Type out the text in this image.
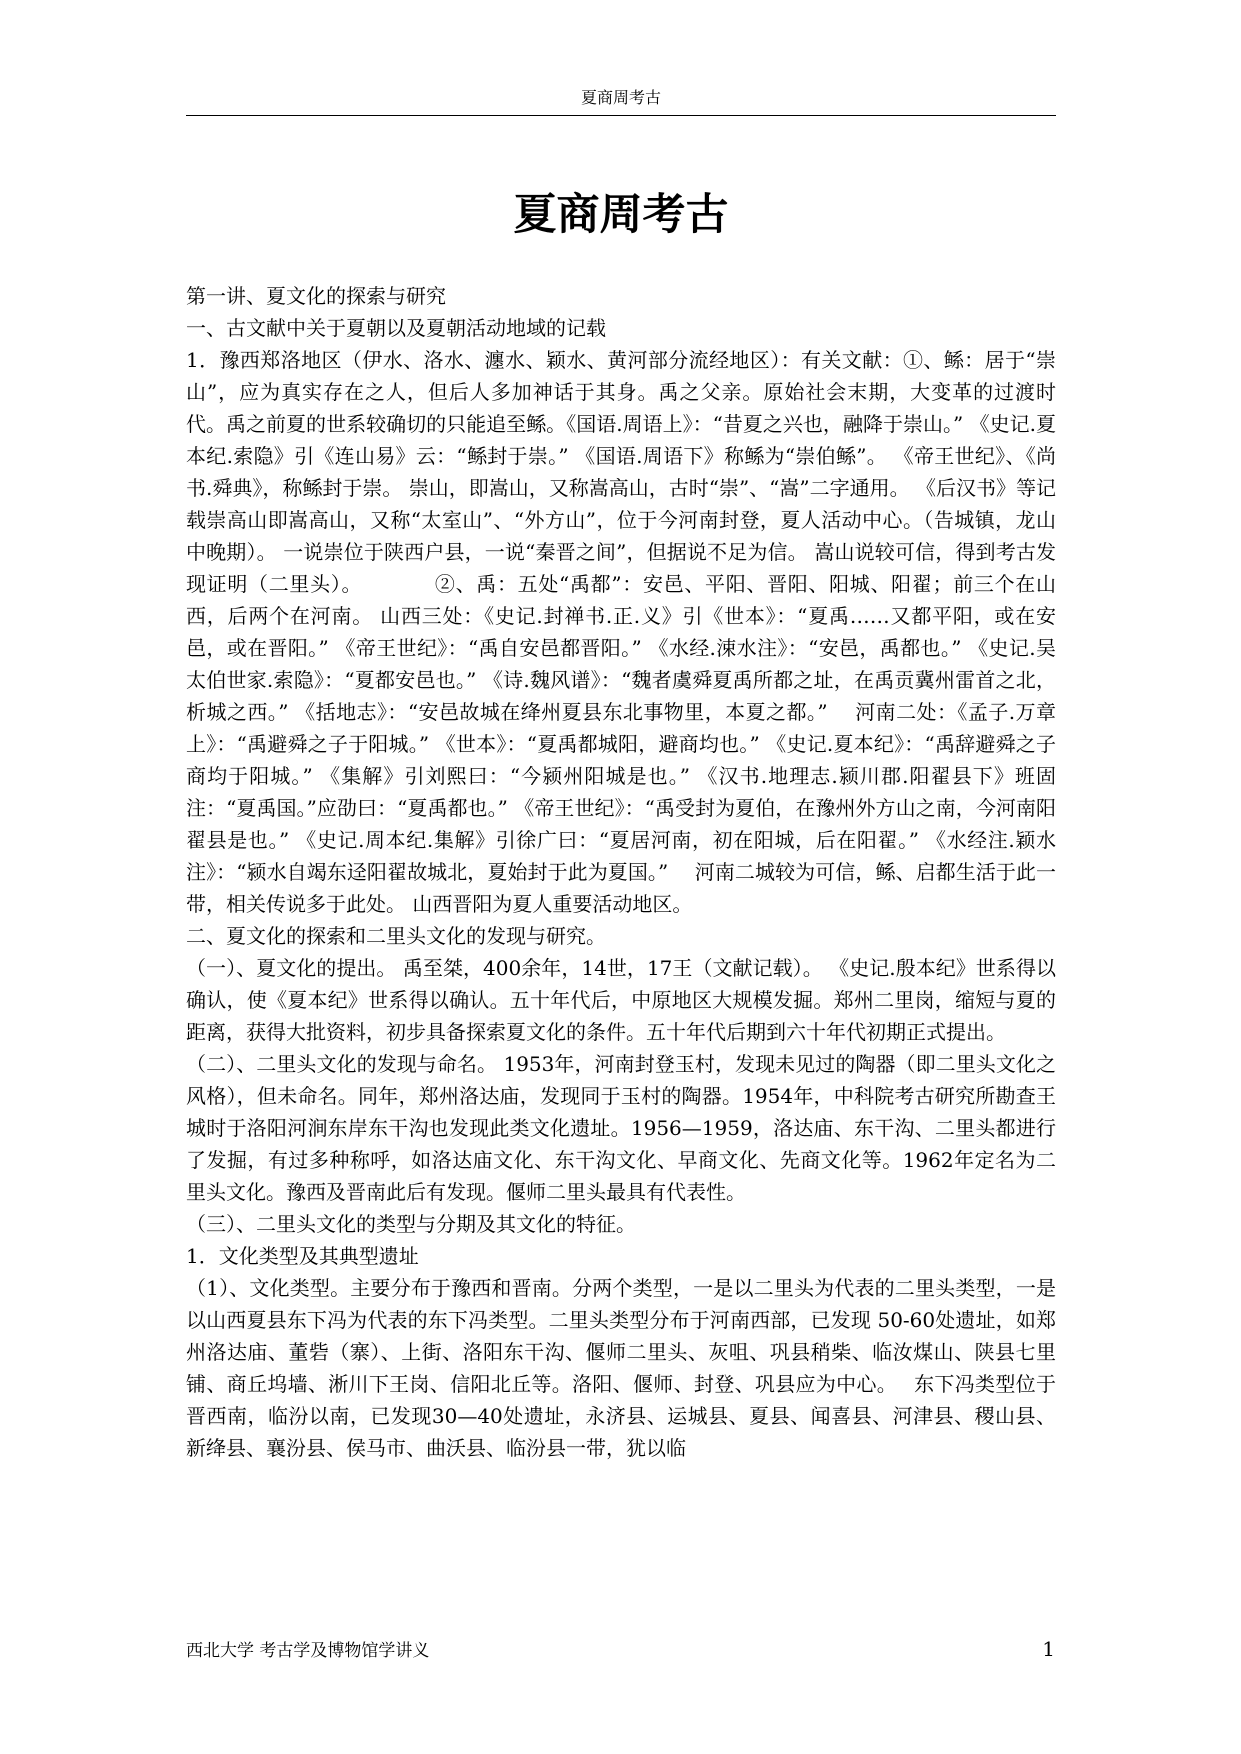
夏商周考古
夏商周考古

第一讲、夏文化的探索与研究

一、古文献中关于夏朝以及夏朝活动地域的记载

1．豫西郑洛地区（伊水、洛水、瀍水、颖水、黄河部分流经地区）：有关文献：①、鲧：居于“崇山”，应为真实存在之人，但后人多加神话于其身。禹之父亲。原始社会末期，大变革的过渡时代。禹之前夏的世系较确切的只能追至鲧。《国语.周语上》：“昔夏之兴也，融降于崇山。” 《史记.夏本纪.索隐》引《连山易》云：“鲧封于崇。” 《国语.周语下》称鲧为“崇伯鲧”。 《帝王世纪》、《尚书.舜典》，称鲧封于崇。 崇山，即嵩山，又称嵩高山，古时“崇”、“嵩”二字通用。 《后汉书》等记载崇高山即嵩高山，又称“太室山”、“外方山”，位于今河南封登，夏人活动中心。（告城镇，龙山中晚期）。 一说崇位于陕西户县，一说“秦晋之间”，但据说不足为信。 嵩山说较可信，得到考古发现证明（二里头）。　　　　②、禹：五处“禹都”：安邑、平阳、晋阳、阳城、阳翟；前三个在山西，后两个在河南。 山西三处：《史记.封禅书.正.义》引《世本》：“夏禹……又都平阳，或在安邑，或在晋阳。” 《帝王世纪》：“禹自安邑都晋阳。” 《水经.涑水注》：“安邑，禹都也。” 《史记.吴太伯世家.索隐》：“夏都安邑也。” 《诗.魏风谱》：“魏者虞舜夏禹所都之址，在禹贡冀州雷首之北，析城之西。” 《括地志》：“安邑故城在绛州夏县东北事物里，本夏之都。”　 河南二处：《孟子.万章上》：“禹避舜之子于阳城。” 《世本》：“夏禹都城阳，避商均也。” 《史记.夏本纪》：“禹辞避舜之子商均于阳城。” 《集解》引刘熙曰：“今颍州阳城是也。” 《汉书.地理志.颍川郡.阳翟县下》班固注：“夏禹国。”应劭曰：“夏禹都也。” 《帝王世纪》：“禹受封为夏伯，在豫州外方山之南，今河南阳翟县是也。” 《史记.周本纪.集解》引徐广曰：“夏居河南，初在阳城，后在阳翟。” 《水经注.颖水注》：“颍水自竭东迳阳翟故城北，夏始封于此为夏国。”　 河南二城较为可信，鲧、启都生活于此一带，相关传说多于此处。 山西晋阳为夏人重要活动地区。

二、夏文化的探索和二里头文化的发现与研究。

（一）、夏文化的提出。 禹至桀，400余年，14世，17王（文献记载）。 《史记.殷本纪》世系得以确认，使《夏本纪》世系得以确认。五十年代后，中原地区大规模发掘。郑州二里岗，缩短与夏的距离，获得大批资料，初步具备探索夏文化的条件。五十年代后期到六十年代初期正式提出。

（二）、二里头文化的发现与命名。 1953年，河南封登玉村，发现未见过的陶器（即二里头文化之风格），但未命名。同年，郑州洛达庙，发现同于玉村的陶器。1954年，中科院考古研究所勘查王城时于洛阳河涧东岸东干沟也发现此类文化遗址。1956—1959，洛达庙、东干沟、二里头都进行了发掘，有过多种称呼，如洛达庙文化、东干沟文化、早商文化、先商文化等。1962年定名为二里头文化。豫西及晋南此后有发现。偃师二里头最具有代表性。

（三）、二里头文化的类型与分期及其文化的特征。

1．文化类型及其典型遗址

（1）、文化类型。主要分布于豫西和晋南。分两个类型，一是以二里头为代表的二里头类型，一是以山西夏县东下冯为代表的东下冯类型。二里头类型分布于河南西部，已发现 50-60处遗址，如郑州洛达庙、董砦（寨）、上街、洛阳东干沟、偃师二里头、灰咀、巩县稍柴、临汝煤山、陕县七里铺、商丘坞墙、淅川下王岗、信阳北丘等。洛阳、偃师、封登、巩县应为中心。　 东下冯类型位于晋西南，临汾以南，已发现30—40处遗址，永济县、运城县、夏县、闻喜县、河津县、稷山县、新绛县、襄汾县、侯马市、曲沃县、临汾县一带，犹以临

西北大学 考古学及博物馆学讲义	1
